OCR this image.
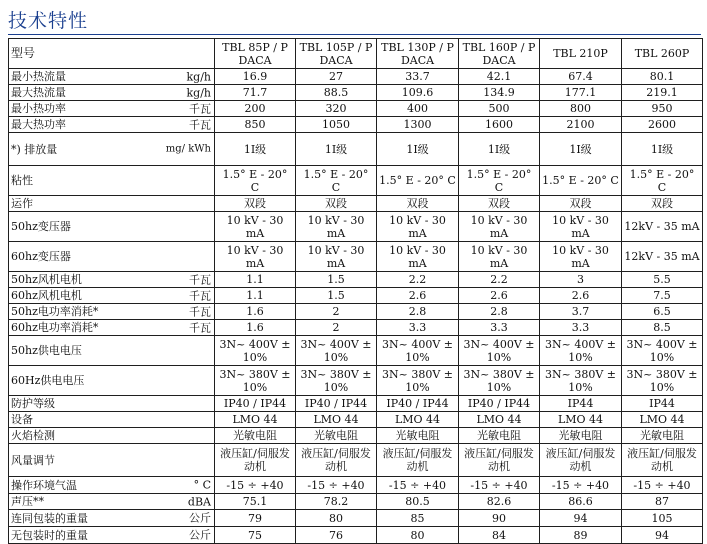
技术特性
型号	TBL 85P / P DACA	TBL 105P / P DACA	TBL 130P / P DACA	TBL 160P / P DACA	TBL 210P	TBL 260P
最小热流量 kg/h	16.9	27	33.7	42.1	67.4	80.1
最大热流量 kg/h	71.7	88.5	109.6	134.9	177.1	219.1
最小热功率 千瓦	200	320	400	500	800	950
最大热功率 千瓦	850	1050	1300	1600	2100	2600
*) 排放量 mg/ kWh	1I级	1I级	1I级	1I级	1I级	1I级
粘性	1.5° E - 20° C	1.5° E - 20° C	1.5° E - 20° C	1.5° E - 20° C	1.5° E - 20° C	1.5° E - 20° C
运作	双段	双段	双段	双段	双段	双段
50hz变压器	10 kV - 30 mA	10 kV - 30 mA	10 kV - 30 mA	10 kV - 30 mA	10 kV - 30 mA	12kV - 35 mA
60hz变压器	10 kV - 30 mA	10 kV - 30 mA	10 kV - 30 mA	10 kV - 30 mA	10 kV - 30 mA	12kV - 35 mA
50hz风机电机 千瓦	1.1	1.5	2.2	2.2	3	5.5
60hz风机电机 千瓦	1.1	1.5	2.6	2.6	2.6	7.5
50hz电功率消耗* 千瓦	1.6	2	2.8	2.8	3.7	6.5
60hz电功率消耗* 千瓦	1.6	2	3.3	3.3	3.3	8.5
50hz供电电压	3N~ 400V ± 10%	3N~ 400V ± 10%	3N~ 400V ± 10%	3N~ 400V ± 10%	3N~ 400V ± 10%	3N~ 400V ± 10%
60Hz供电电压	3N~ 380V ± 10%	3N~ 380V ± 10%	3N~ 380V ± 10%	3N~ 380V ± 10%	3N~ 380V ± 10%	3N~ 380V ± 10%
防护等级	IP40 / IP44	IP40 / IP44	IP40 / IP44	IP40 / IP44	IP44	IP44
设备	LMO 44	LMO 44	LMO 44	LMO 44	LMO 44	LMO 44
火焰检测	光敏电阻	光敏电阻	光敏电阻	光敏电阻	光敏电阻	光敏电阻
风量调节	液压缸/伺服发动机	液压缸/伺服发动机	液压缸/伺服发动机	液压缸/伺服发动机	液压缸/伺服发动机	液压缸/伺服发动机
操作环境气温 ° C	-15 ÷ +40	-15 ÷ +40	-15 ÷ +40	-15 ÷ +40	-15 ÷ +40	-15 ÷ +40
声压** dBA	75.1	78.2	80.5	82.6	86.6	87
连同包装的重量 公斤	79	80	85	90	94	105
无包装时的重量 公斤	75	76	80	84	89	94
